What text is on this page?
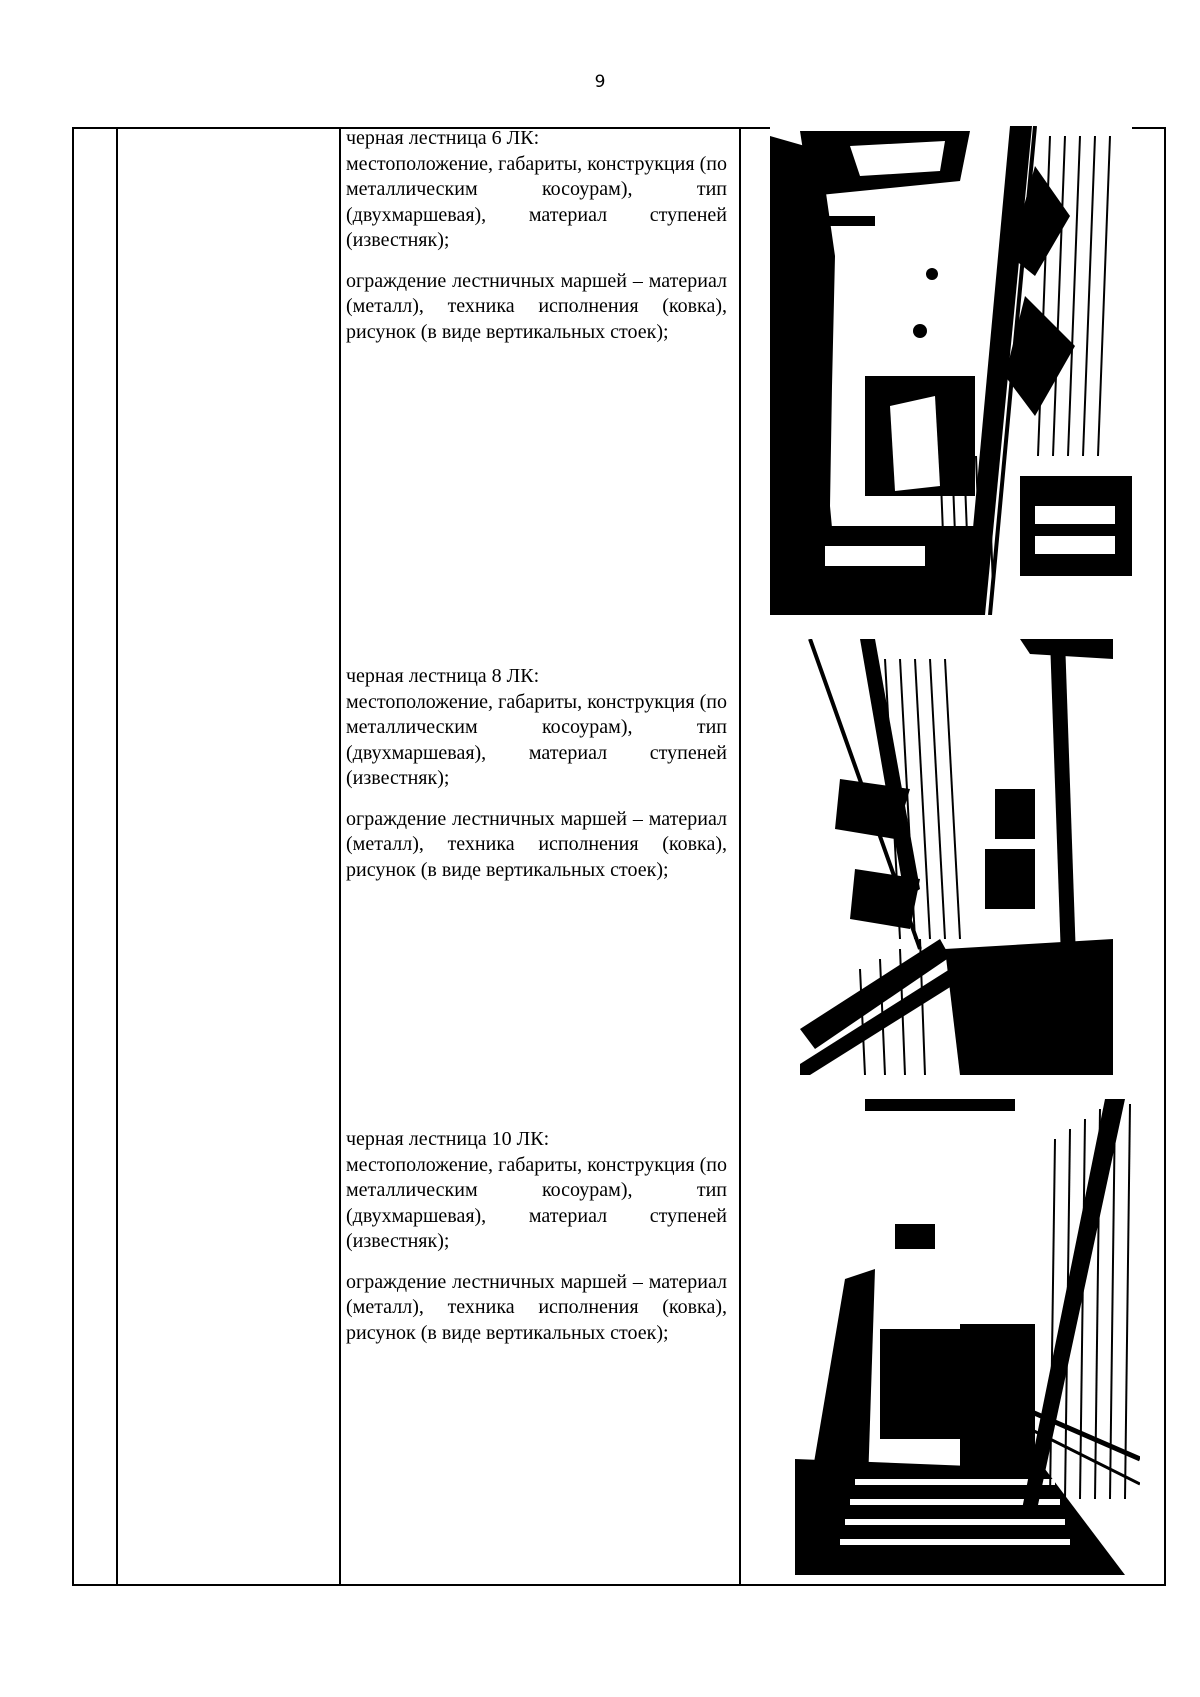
9

черная лестница 6 ЛК:

местоположение, габариты, конструкция (по металлическим косоурам), тип (двухмаршевая), материал ступеней (известняк);

ограждение лестничных маршей – материал (металл), техника исполнения (ковка), рисунок (в виде вертикальных стоек);

черная лестница 8 ЛК:

местоположение, габариты, конструкция (по металлическим косоурам), тип (двухмаршевая), материал ступеней (известняк);

ограждение лестничных маршей – материал (металл), техника исполнения (ковка), рисунок (в виде вертикальных стоек);

черная лестница 10 ЛК:

местоположение, габариты, конструкция (по металлическим косоурам), тип (двухмаршевая), материал ступеней (известняк);

ограждение лестничных маршей – материал (металл), техника исполнения (ковка), рисунок (в виде вертикальных стоек);
